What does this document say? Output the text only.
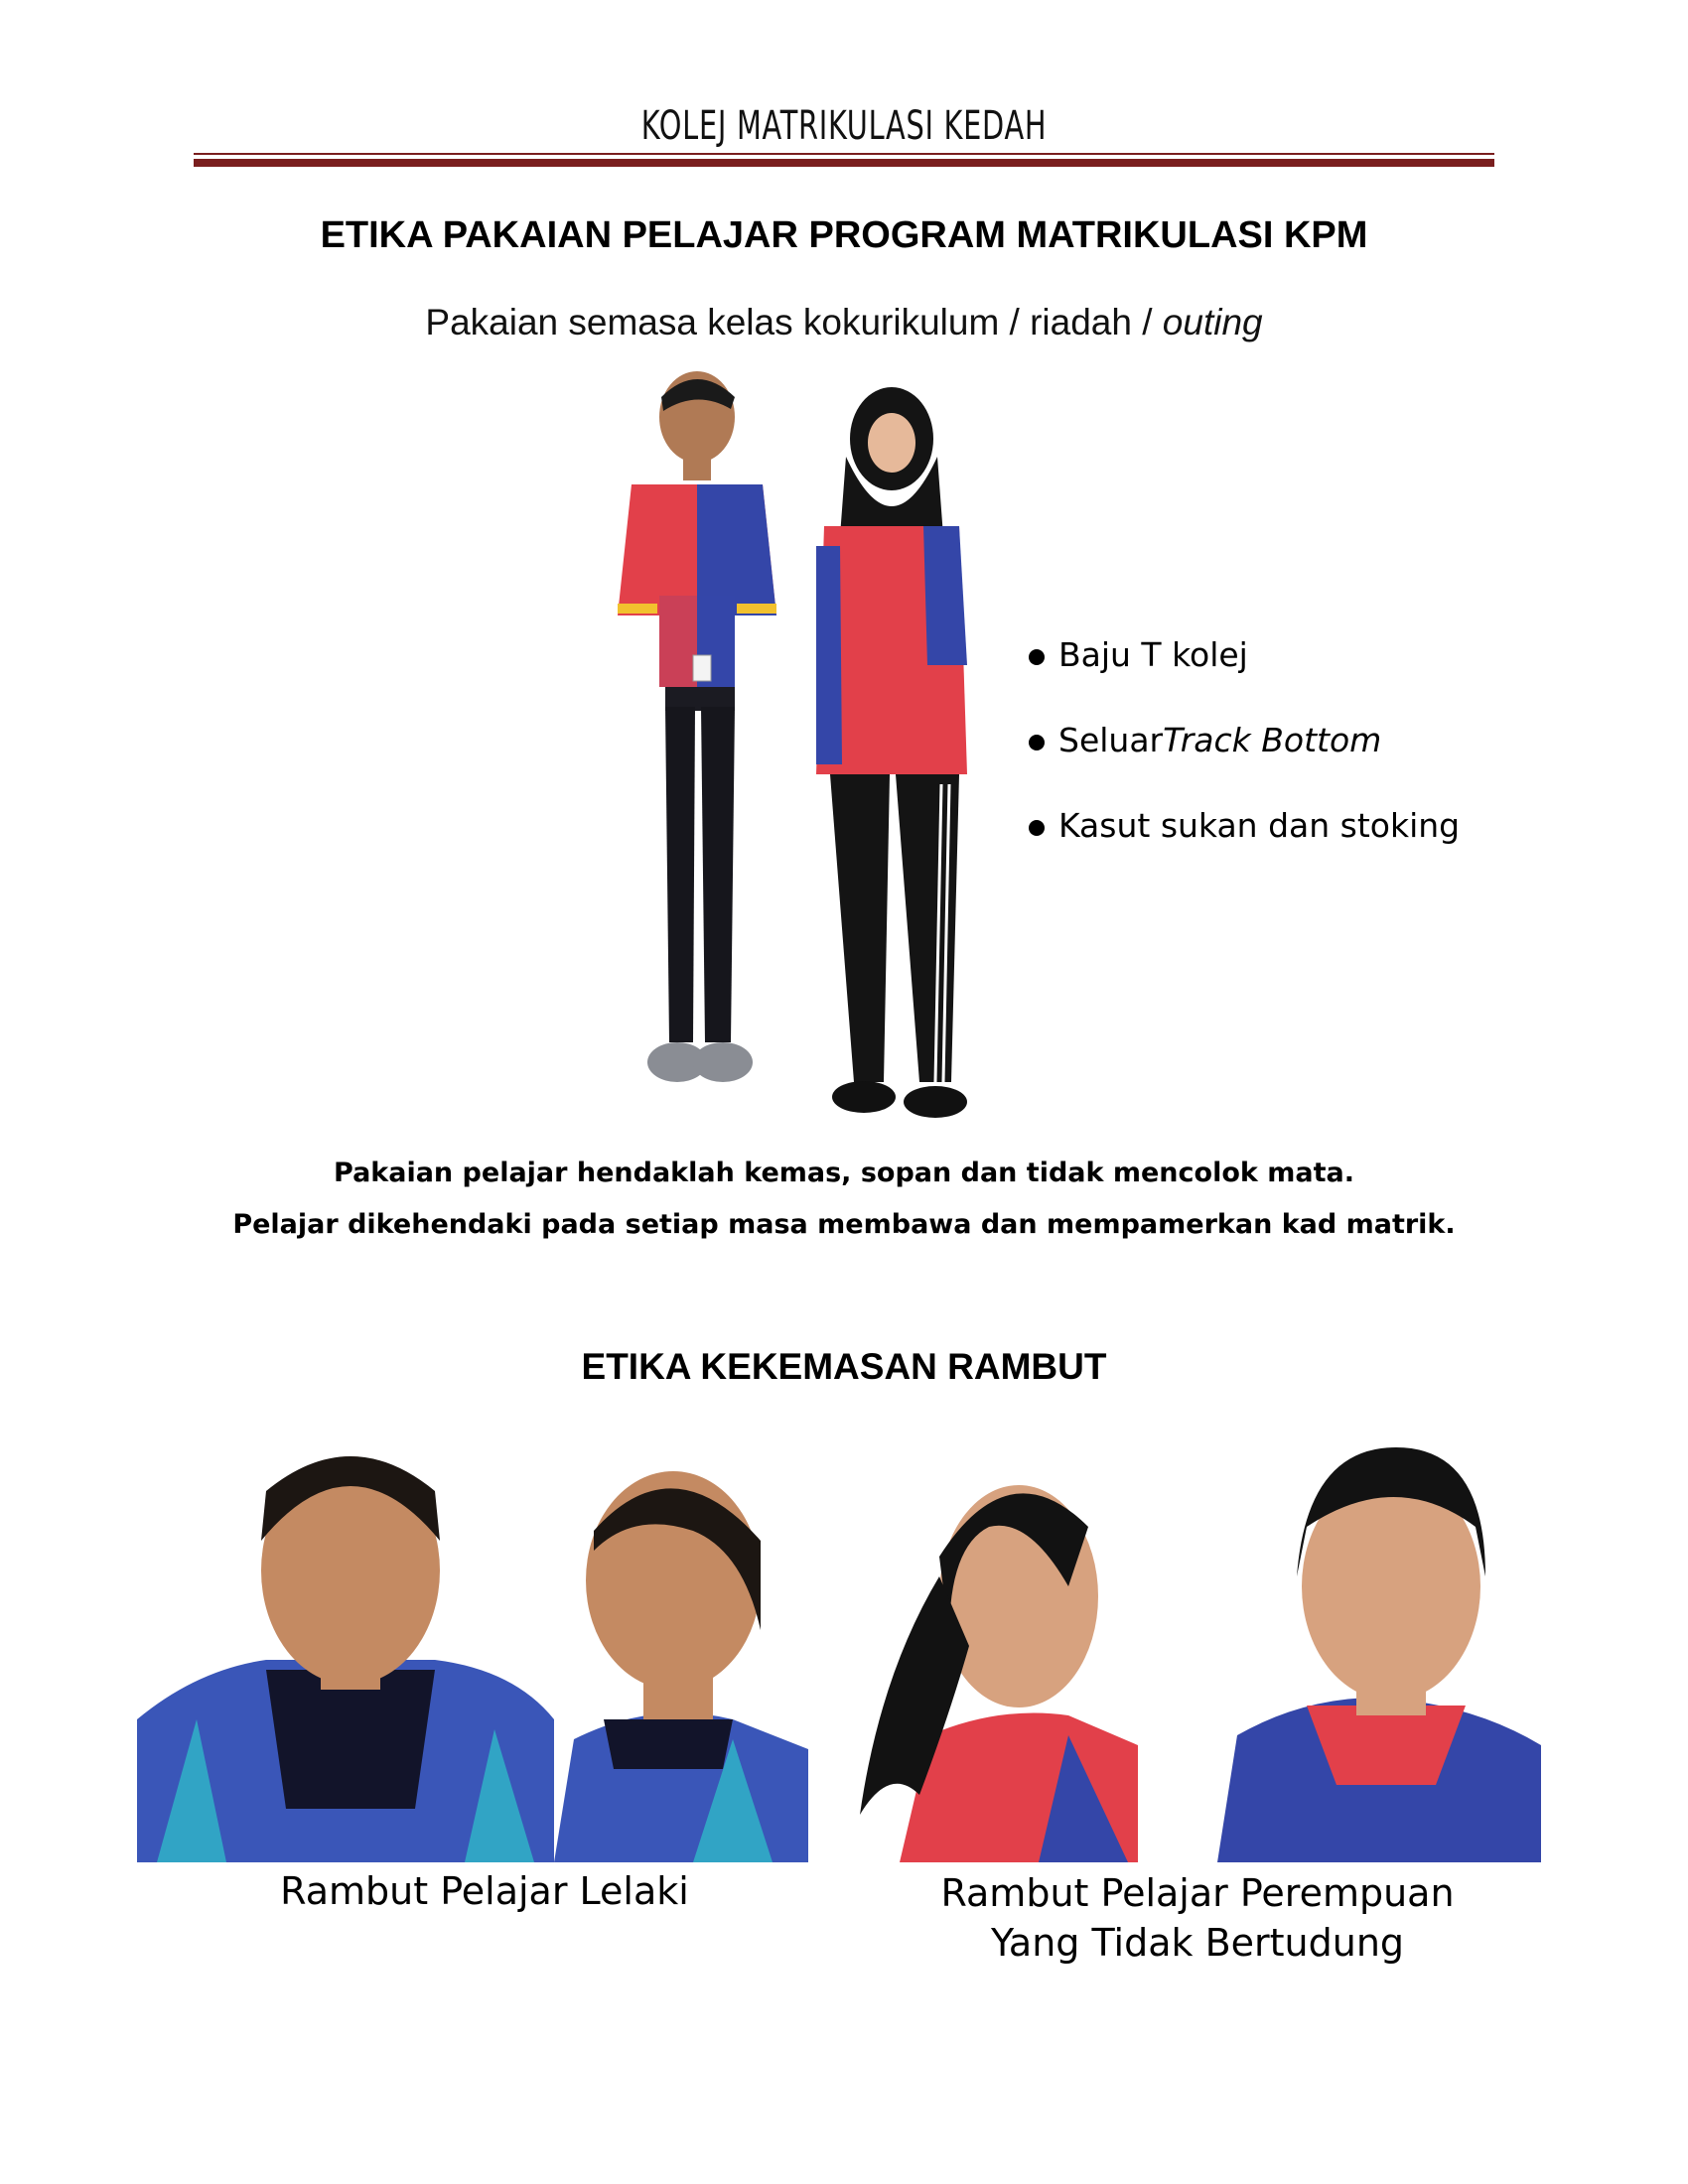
KOLEJ MATRIKULASI KEDAH
ETIKA PAKAIAN PELAJAR PROGRAM MATRIKULASI KPM
Pakaian semasa kelas kokurikulum / riadah / outing
Baju T kolej
Seluar Track Bottom
Kasut sukan dan stoking
Pakaian pelajar hendaklah kemas, sopan dan tidak mencolok mata.
Pelajar dikehendaki pada setiap masa membawa dan mempamerkan kad matrik.
ETIKA KEKEMASAN RAMBUT
Rambut Pelajar Lelaki	Rambut Pelajar Perempuan
Yang Tidak Bertudung
